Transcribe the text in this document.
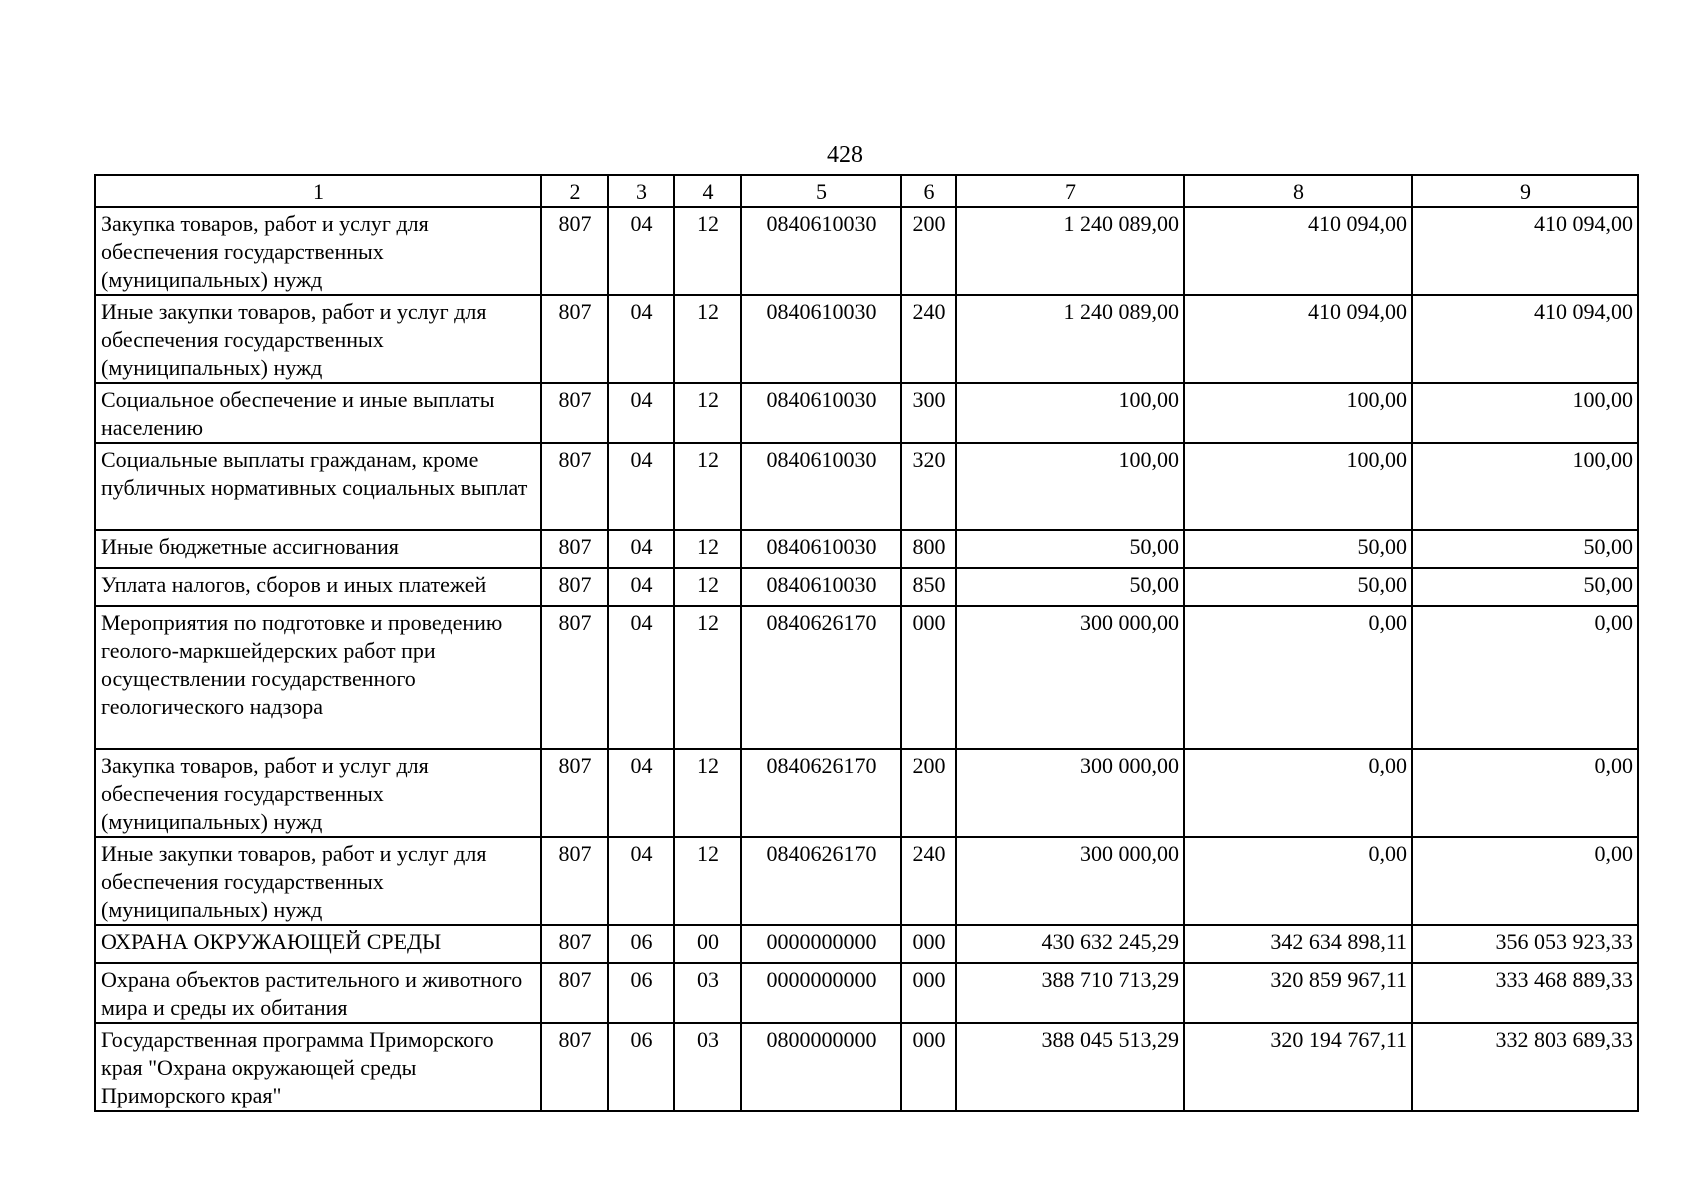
428
1	2	3	4	5	6	7	8	9
Закупка товаров, работ и услуг для обеспечения государственных (муниципальных) нужд	807	04	12	0840610030	200	1 240 089,00	410 094,00	410 094,00
Иные закупки товаров, работ и услуг для обеспечения государственных (муниципальных) нужд	807	04	12	0840610030	240	1 240 089,00	410 094,00	410 094,00
Социальное обеспечение и иные выплаты населению	807	04	12	0840610030	300	100,00	100,00	100,00
Социальные выплаты гражданам, кроме публичных нормативных социальных выплат	807	04	12	0840610030	320	100,00	100,00	100,00
Иные бюджетные ассигнования	807	04	12	0840610030	800	50,00	50,00	50,00
Уплата налогов, сборов и иных платежей	807	04	12	0840610030	850	50,00	50,00	50,00
Мероприятия по подготовке и проведению геолого-маркшейдерских работ при осуществлении государственного геологического надзора	807	04	12	0840626170	000	300 000,00	0,00	0,00
Закупка товаров, работ и услуг для обеспечения государственных (муниципальных) нужд	807	04	12	0840626170	200	300 000,00	0,00	0,00
Иные закупки товаров, работ и услуг для обеспечения государственных (муниципальных) нужд	807	04	12	0840626170	240	300 000,00	0,00	0,00
ОХРАНА ОКРУЖАЮЩЕЙ СРЕДЫ	807	06	00	0000000000	000	430 632 245,29	342 634 898,11	356 053 923,33
Охрана объектов растительного и животного мира и среды их обитания	807	06	03	0000000000	000	388 710 713,29	320 859 967,11	333 468 889,33
Государственная программа Приморского края "Охрана окружающей среды Приморского края"	807	06	03	0800000000	000	388 045 513,29	320 194 767,11	332 803 689,33
